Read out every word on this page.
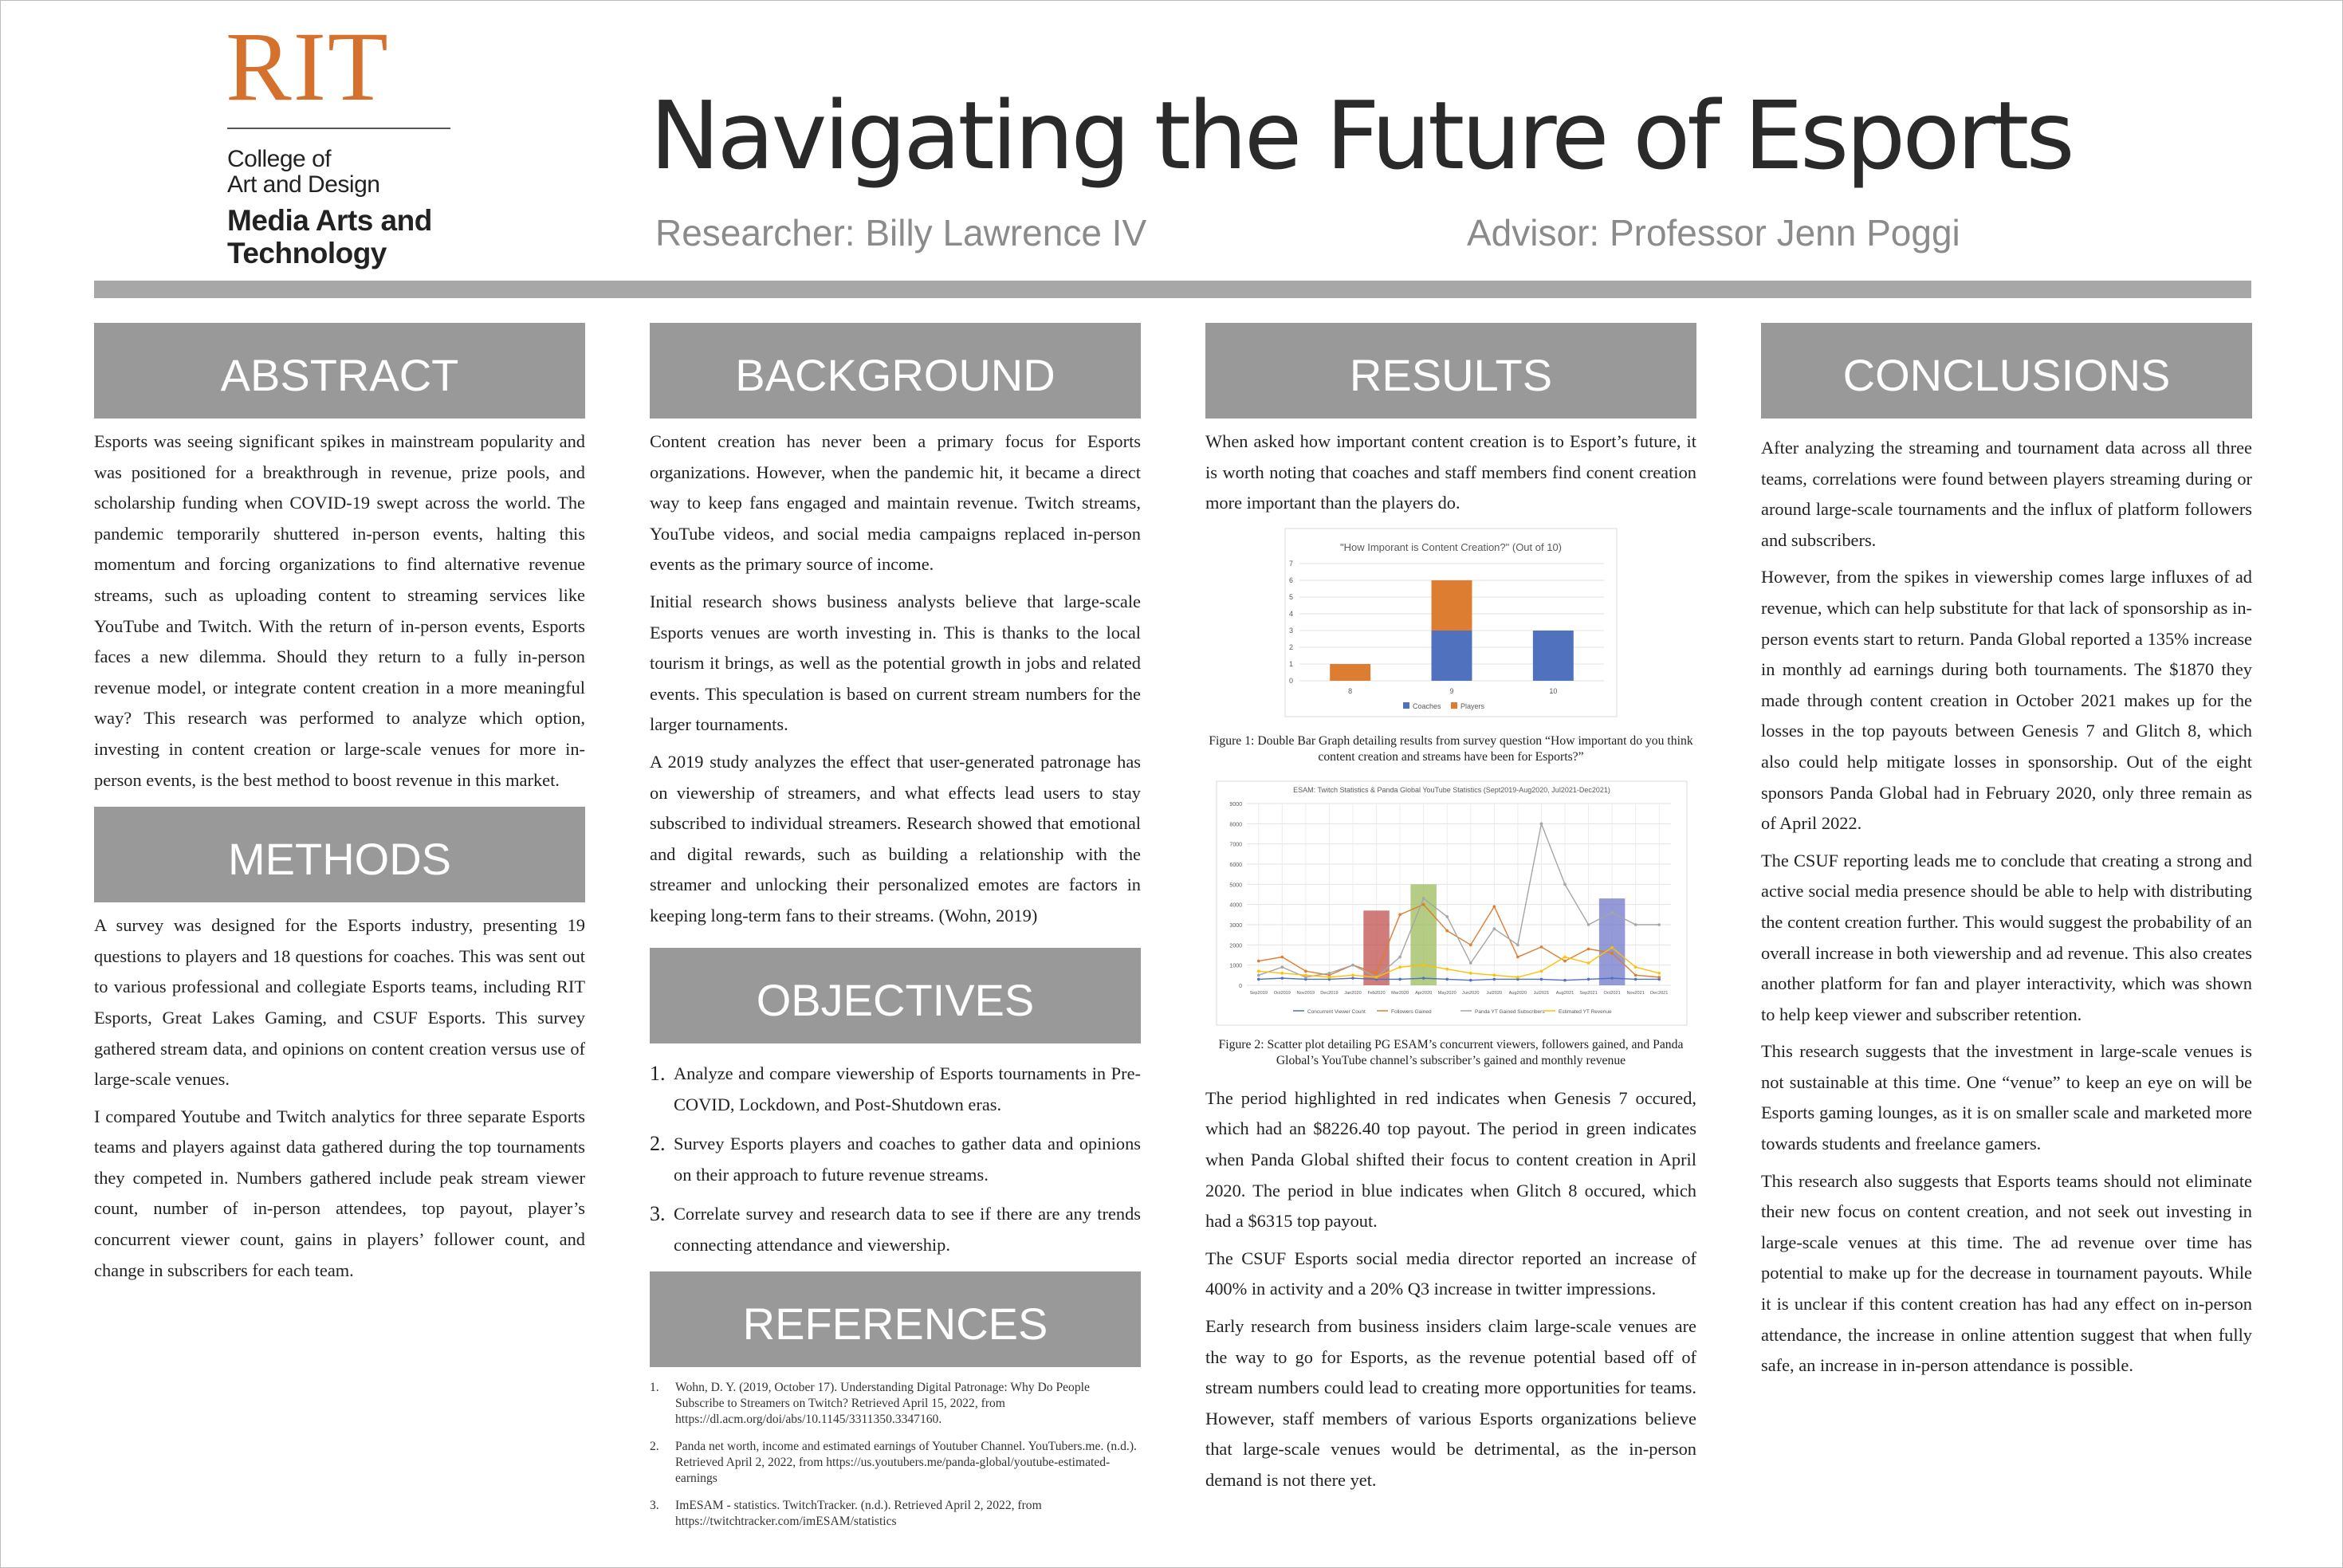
RIT
College of
Art and Design
Media Arts and
Technology
Navigating the Future of Esports
Researcher: Billy Lawrence IV	Advisor: Professor Jenn Poggi
ABSTRACT

Esports was seeing significant spikes in mainstream popularity and was positioned for a breakthrough in revenue, prize pools, and scholarship funding when COVID-19 swept across the world. The pandemic temporarily shuttered in-person events, halting this momentum and forcing organizations to find alternative revenue streams, such as uploading content to streaming services like YouTube and Twitch. With the return of in-person events, Esports faces a new dilemma. Should they return to a fully in-person revenue model, or integrate content creation in a more meaningful way? This research was performed to analyze which option, investing in content creation or large-scale venues for more in-person events, is the best method to boost revenue in this market.

METHODS

A survey was designed for the Esports industry, presenting 19 questions to players and 18 questions for coaches. This was sent out to various professional and collegiate Esports teams, including RIT Esports, Great Lakes Gaming, and CSUF Esports. This survey gathered stream data, and opinions on content creation versus use of large-scale venues.

I compared Youtube and Twitch analytics for three separate Esports teams and players against data gathered during the top tournaments they competed in. Numbers gathered include peak stream viewer count, number of in-person attendees, top payout, player’s concurrent viewer count, gains in players’ follower count, and change in subscribers for each team.

BACKGROUND

Content creation has never been a primary focus for Esports organizations. However, when the pandemic hit, it became a direct way to keep fans engaged and maintain revenue. Twitch streams, YouTube videos, and social media campaigns replaced in-person events as the primary source of income.

Initial research shows business analysts believe that large-scale Esports venues are worth investing in. This is thanks to the local tourism it brings, as well as the potential growth in jobs and related events. This speculation is based on current stream numbers for the larger tournaments.

A 2019 study analyzes the effect that user-generated patronage has on viewership of streamers, and what effects lead users to stay subscribed to individual streamers. Research showed that emotional and digital rewards, such as building a relationship with the streamer and unlocking their personalized emotes are factors in keeping long-term fans to their streams. (Wohn, 2019)

OBJECTIVES
1. Analyze and compare viewership of Esports tournaments in Pre-COVID, Lockdown, and Post-Shutdown eras.
2. Survey Esports players and coaches to gather data and opinions on their approach to future revenue streams.
3. Correlate survey and research data to see if there are any trends connecting attendance and viewership.
REFERENCES
1. Wohn, D. Y. (2019, October 17). Understanding Digital Patronage: Why Do People Subscribe to Streamers on Twitch? Retrieved April 15, 2022, from https://dl.acm.org/doi/abs/10.1145/3311350.3347160.
2. Panda net worth, income and estimated earnings of Youtuber Channel. YouTubers.me. (n.d.). Retrieved April 2, 2022, from https://us.youtubers.me/panda-global/youtube-estimated-earnings
3. ImESAM - statistics. TwitchTracker. (n.d.). Retrieved April 2, 2022, from https://twitchtracker.com/imESAM/statistics
RESULTS

When asked how important content creation is to Esport’s future, it is worth noting that coaches and staff members find conent creation more important than the players do.

"How Imporant is Content Creation?" (Out of 10)
0
1
2
3
4
5
6
7
8	9	10
Coaches	Players
Figure 1: Double Bar Graph detailing results from survey question “How important do you think content creation and streams have been for Esports?”
ESAM: Twitch Statistics & Panda Global YouTube Statistics (Sept2019-Aug2020, Jul2021-Dec2021)
0
1000
2000
3000
4000
5000
6000
7000
8000
9000
Sep2019 Oct2019 Nov2019 Dec2019 Jan2020 Feb2020 Mar2020 Apr2020 May2020 Jun2020 Jul2020 Aug2020 Jul2021 Aug2021 Sep2021 Oct2021 Nov2021 Dec2021
Concurrent Viewer Count	Followers Gained	Panda YT Gained Subscribers	Estimated YT Revenue
Figure 2: Scatter plot detailing PG ESAM’s concurrent viewers, followers gained, and Panda Global’s YouTube channel’s subscriber’s gained and monthly revenue

The period highlighted in red indicates when Genesis 7 occured, which had an $8226.40 top payout. The period in green indicates when Panda Global shifted their focus to content creation in April 2020. The period in blue indicates when Glitch 8 occured, which had a $6315 top payout.

The CSUF Esports social media director reported an increase of 400% in activity and a 20% Q3 increase in twitter impressions.

Early research from business insiders claim large-scale venues are the way to go for Esports, as the revenue potential based off of stream numbers could lead to creating more opportunities for teams. However, staff members of various Esports organizations believe that large-scale venues would be detrimental, as the in-person demand is not there yet.

CONCLUSIONS

After analyzing the streaming and tournament data across all three teams, correlations were found between players streaming during or around large-scale tournaments and the influx of platform followers and subscribers.

However, from the spikes in viewership comes large influxes of ad revenue, which can help substitute for that lack of sponsorship as in-person events start to return. Panda Global reported a 135% increase in monthly ad earnings during both tournaments. The $1870 they made through content creation in October 2021 makes up for the losses in the top payouts between Genesis 7 and Glitch 8, which also could help mitigate losses in sponsorship. Out of the eight sponsors Panda Global had in February 2020, only three remain as of April 2022.

The CSUF reporting leads me to conclude that creating a strong and active social media presence should be able to help with distributing the content creation further. This would suggest the probability of an overall increase in both viewership and ad revenue. This also creates another platform for fan and player interactivity, which was shown to help keep viewer and subscriber retention.

This research suggests that the investment in large-scale venues is not sustainable at this time. One “venue” to keep an eye on will be Esports gaming lounges, as it is on smaller scale and marketed more towards students and freelance gamers.

This research also suggests that Esports teams should not eliminate their new focus on content creation, and not seek out investing in large-scale venues at this time. The ad revenue over time has potential to make up for the decrease in tournament payouts. While it is unclear if this content creation has had any effect on in-person attendance, the increase in online attention suggest that when fully safe, an increase in in-person attendance is possible.
